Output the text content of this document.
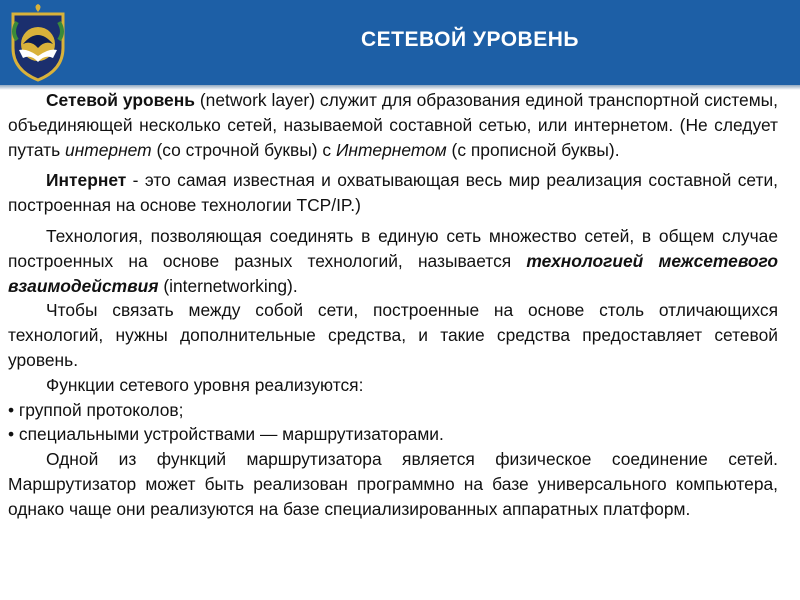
СЕТЕВОЙ УРОВЕНЬ

Сетевой уровень (network layer) служит для образования единой транспортной системы, объединяющей несколько сетей, называемой составной сетью, или интернетом. (Не следует путать интернет (со строчной буквы) с Интернетом (с прописной буквы).

Интернет - это самая известная и охватывающая весь мир реализация составной сети, построенная на основе технологии TCP/IP.)

Технология, позволяющая соединять в единую сеть множество сетей, в общем случае построенных на основе разных технологий, называется технологией межсетевого взаимодействия (internetworking).

Чтобы связать между собой сети, построенные на основе столь отличающихся технологий, нужны дополнительные средства, и такие средства предоставляет сетевой уровень.

Функции сетевого уровня реализуются:

• группой протоколов;

• специальными устройствами — маршрутизаторами.

Одной из функций маршрутизатора является физическое соединение сетей. Маршрутизатор может быть реализован программно на базе универсального компьютера, однако чаще они реализуются на базе специализированных аппаратных платформ.
